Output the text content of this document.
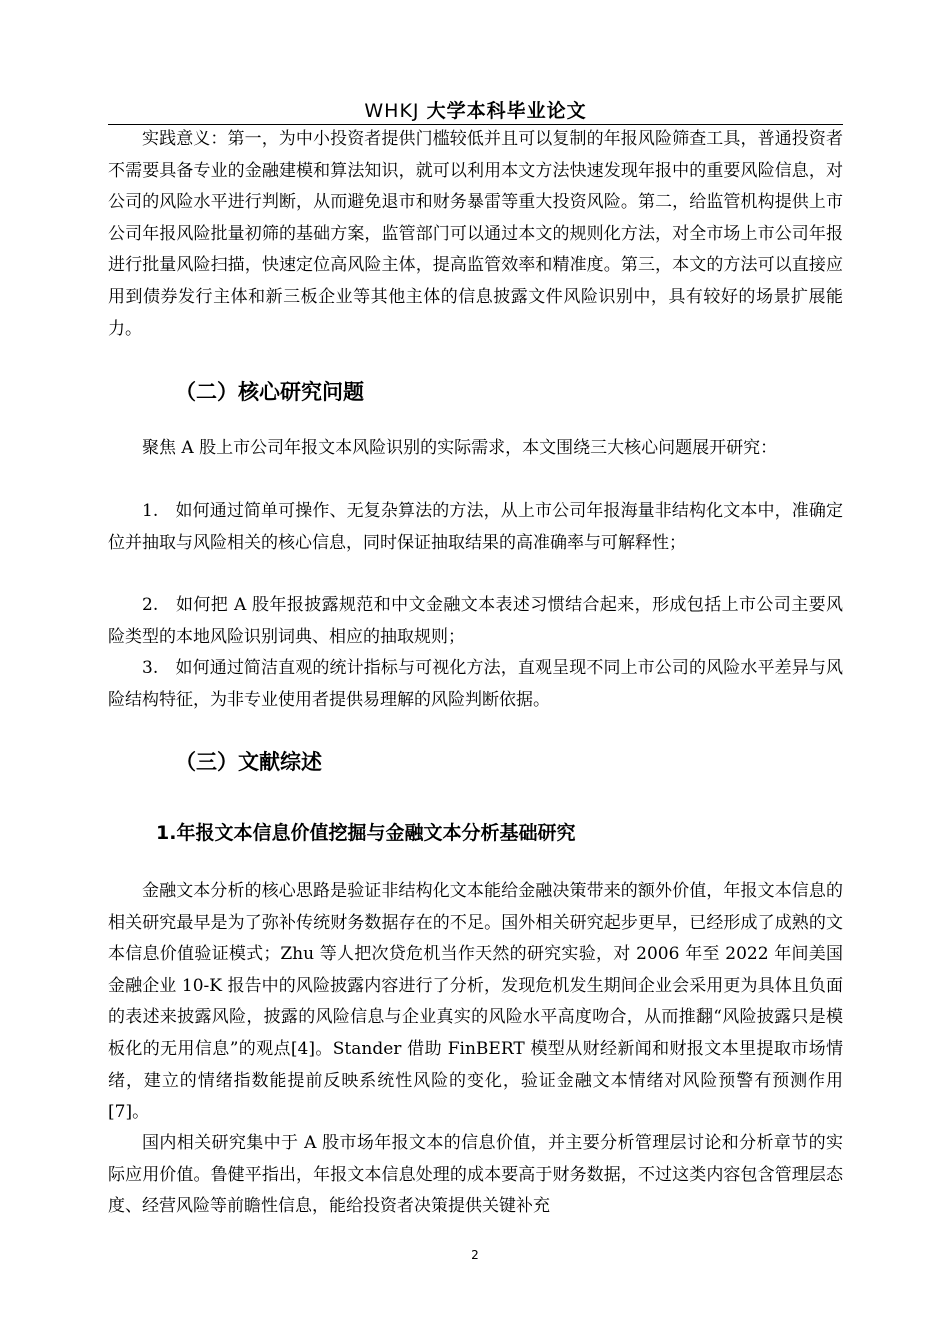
WHKJ 大学本科毕业论文

实践意义：第一，为中小投资者提供门槛较低并且可以复制的年报风险筛查工具，普通投资者不需要具备专业的金融建模和算法知识，就可以利用本文方法快速发现年报中的重要风险信息，对公司的风险水平进行判断，从而避免退市和财务暴雷等重大投资风险。第二，给监管机构提供上市公司年报风险批量初筛的基础方案，监管部门可以通过本文的规则化方法，对全市场上市公司年报进行批量风险扫描，快速定位高风险主体，提高监管效率和精准度。第三，本文的方法可以直接应用到债券发行主体和新三板企业等其他主体的信息披露文件风险识别中，具有较好的场景扩展能力。

（二）核心研究问题

聚焦 A 股上市公司年报文本风险识别的实际需求，本文围绕三大核心问题展开研究：

1.　如何通过简单可操作、无复杂算法的方法，从上市公司年报海量非结构化文本中，准确定位并抽取与风险相关的核心信息，同时保证抽取结果的高准确率与可解释性；

2.　如何把 A 股年报披露规范和中文金融文本表述习惯结合起来，形成包括上市公司主要风险类型的本地风险识别词典、相应的抽取规则；

3.　如何通过简洁直观的统计指标与可视化方法，直观呈现不同上市公司的风险水平差异与风险结构特征，为非专业使用者提供易理解的风险判断依据。

（三）文献综述
1.年报文本信息价值挖掘与金融文本分析基础研究

金融文本分析的核心思路是验证非结构化文本能给金融决策带来的额外价值，年报文本信息的相关研究最早是为了弥补传统财务数据存在的不足。国外相关研究起步更早，已经形成了成熟的文本信息价值验证模式；Zhu 等人把次贷危机当作天然的研究实验，对 2006 年至 2022 年间美国金融企业 10-K 报告中的风险披露内容进行了分析，发现危机发生期间企业会采用更为具体且负面的表述来披露风险，披露的风险信息与企业真实的风险水平高度吻合，从而推翻“风险披露只是模板化的无用信息”的观点[4]。Stander 借助 FinBERT 模型从财经新闻和财报文本里提取市场情绪，建立的情绪指数能提前反映系统性风险的变化，验证金融文本情绪对风险预警有预测作用[7]。

国内相关研究集中于 A 股市场年报文本的信息价值，并主要分析管理层讨论和分析章节的实际应用价值。鲁健平指出，年报文本信息处理的成本要高于财务数据，不过这类内容包含管理层态度、经营风险等前瞻性信息，能给投资者决策提供关键补充

2
